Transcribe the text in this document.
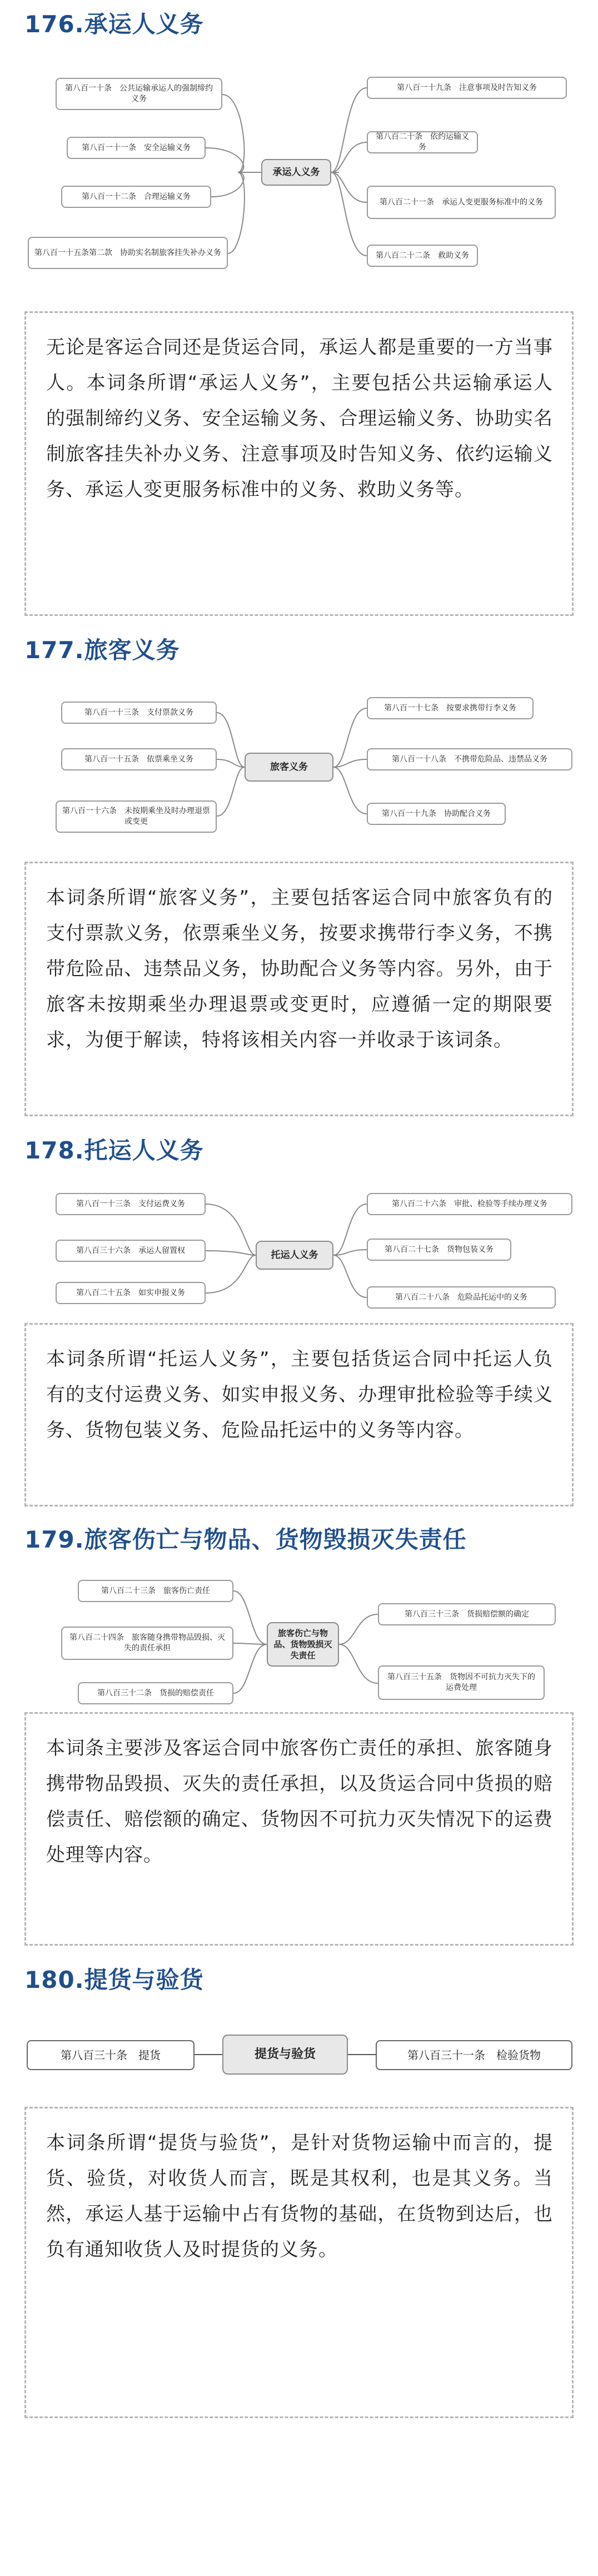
176.承运人义务
第八百一十条　公共运输承运人的强制缔约义务
第八百一十一条　安全运输义务
第八百一十二条　合理运输义务
第八百一十五条第二款　协助实名制旅客挂失补办义务
承运人义务
第八百一十九条　注意事项及时告知义务
第八百二十条　依约运输义务
第八百二十一条　承运人变更服务标准中的义务
第八百二十二条　救助义务
无论是客运合同还是货运合同，承运人都是重要的一方当事人。本词条所谓“承运人义务”，主要包括公共运输承运人的强制缔约义务、安全运输义务、合理运输义务、协助实名制旅客挂失补办义务、注意事项及时告知义务、依约运输义务、承运人变更服务标准中的义务、救助义务等。
177.旅客义务
第八百一十三条　支付票款义务
第八百一十五条　依票乘坐义务
第八百一十六条　未按期乘坐及时办理退票或变更
旅客义务
第八百一十七条　按要求携带行李义务
第八百一十八条　不携带危险品、违禁品义务
第八百一十九条　协助配合义务
本词条所谓“旅客义务”，主要包括客运合同中旅客负有的支付票款义务，依票乘坐义务，按要求携带行李义务，不携带危险品、违禁品义务，协助配合义务等内容。另外，由于旅客未按期乘坐办理退票或变更时，应遵循一定的期限要求，为便于解读，特将该相关内容一并收录于该词条。
178.托运人义务
第八百一十三条　支付运费义务
第八百三十六条　承运人留置权
第八百二十五条　如实申报义务
托运人义务
第八百二十六条　审批、检验等手续办理义务
第八百二十七条　货物包装义务
第八百二十八条　危险品托运中的义务
本词条所谓“托运人义务”，主要包括货运合同中托运人负有的支付运费义务、如实申报义务、办理审批检验等手续义务、货物包装义务、危险品托运中的义务等内容。
179.旅客伤亡与物品、货物毁损灭失责任
第八百二十三条　旅客伤亡责任
第八百二十四条　旅客随身携带物品毁损、灭失的责任承担
第八百三十二条　货损的赔偿责任
旅客伤亡与物品、货物毁损灭失责任
第八百三十三条　货损赔偿额的确定
第八百三十五条　货物因不可抗力灭失下的运费处理
本词条主要涉及客运合同中旅客伤亡责任的承担、旅客随身携带物品毁损、灭失的责任承担，以及货运合同中货损的赔偿责任、赔偿额的确定、货物因不可抗力灭失情况下的运费处理等内容。
180.提货与验货
第八百三十条　提货	提货与验货	第八百三十一条　检验货物
本词条所谓“提货与验货”，是针对货物运输中而言的，提货、验货，对收货人而言，既是其权利，也是其义务。当然，承运人基于运输中占有货物的基础，在货物到达后，也负有通知收货人及时提货的义务。
